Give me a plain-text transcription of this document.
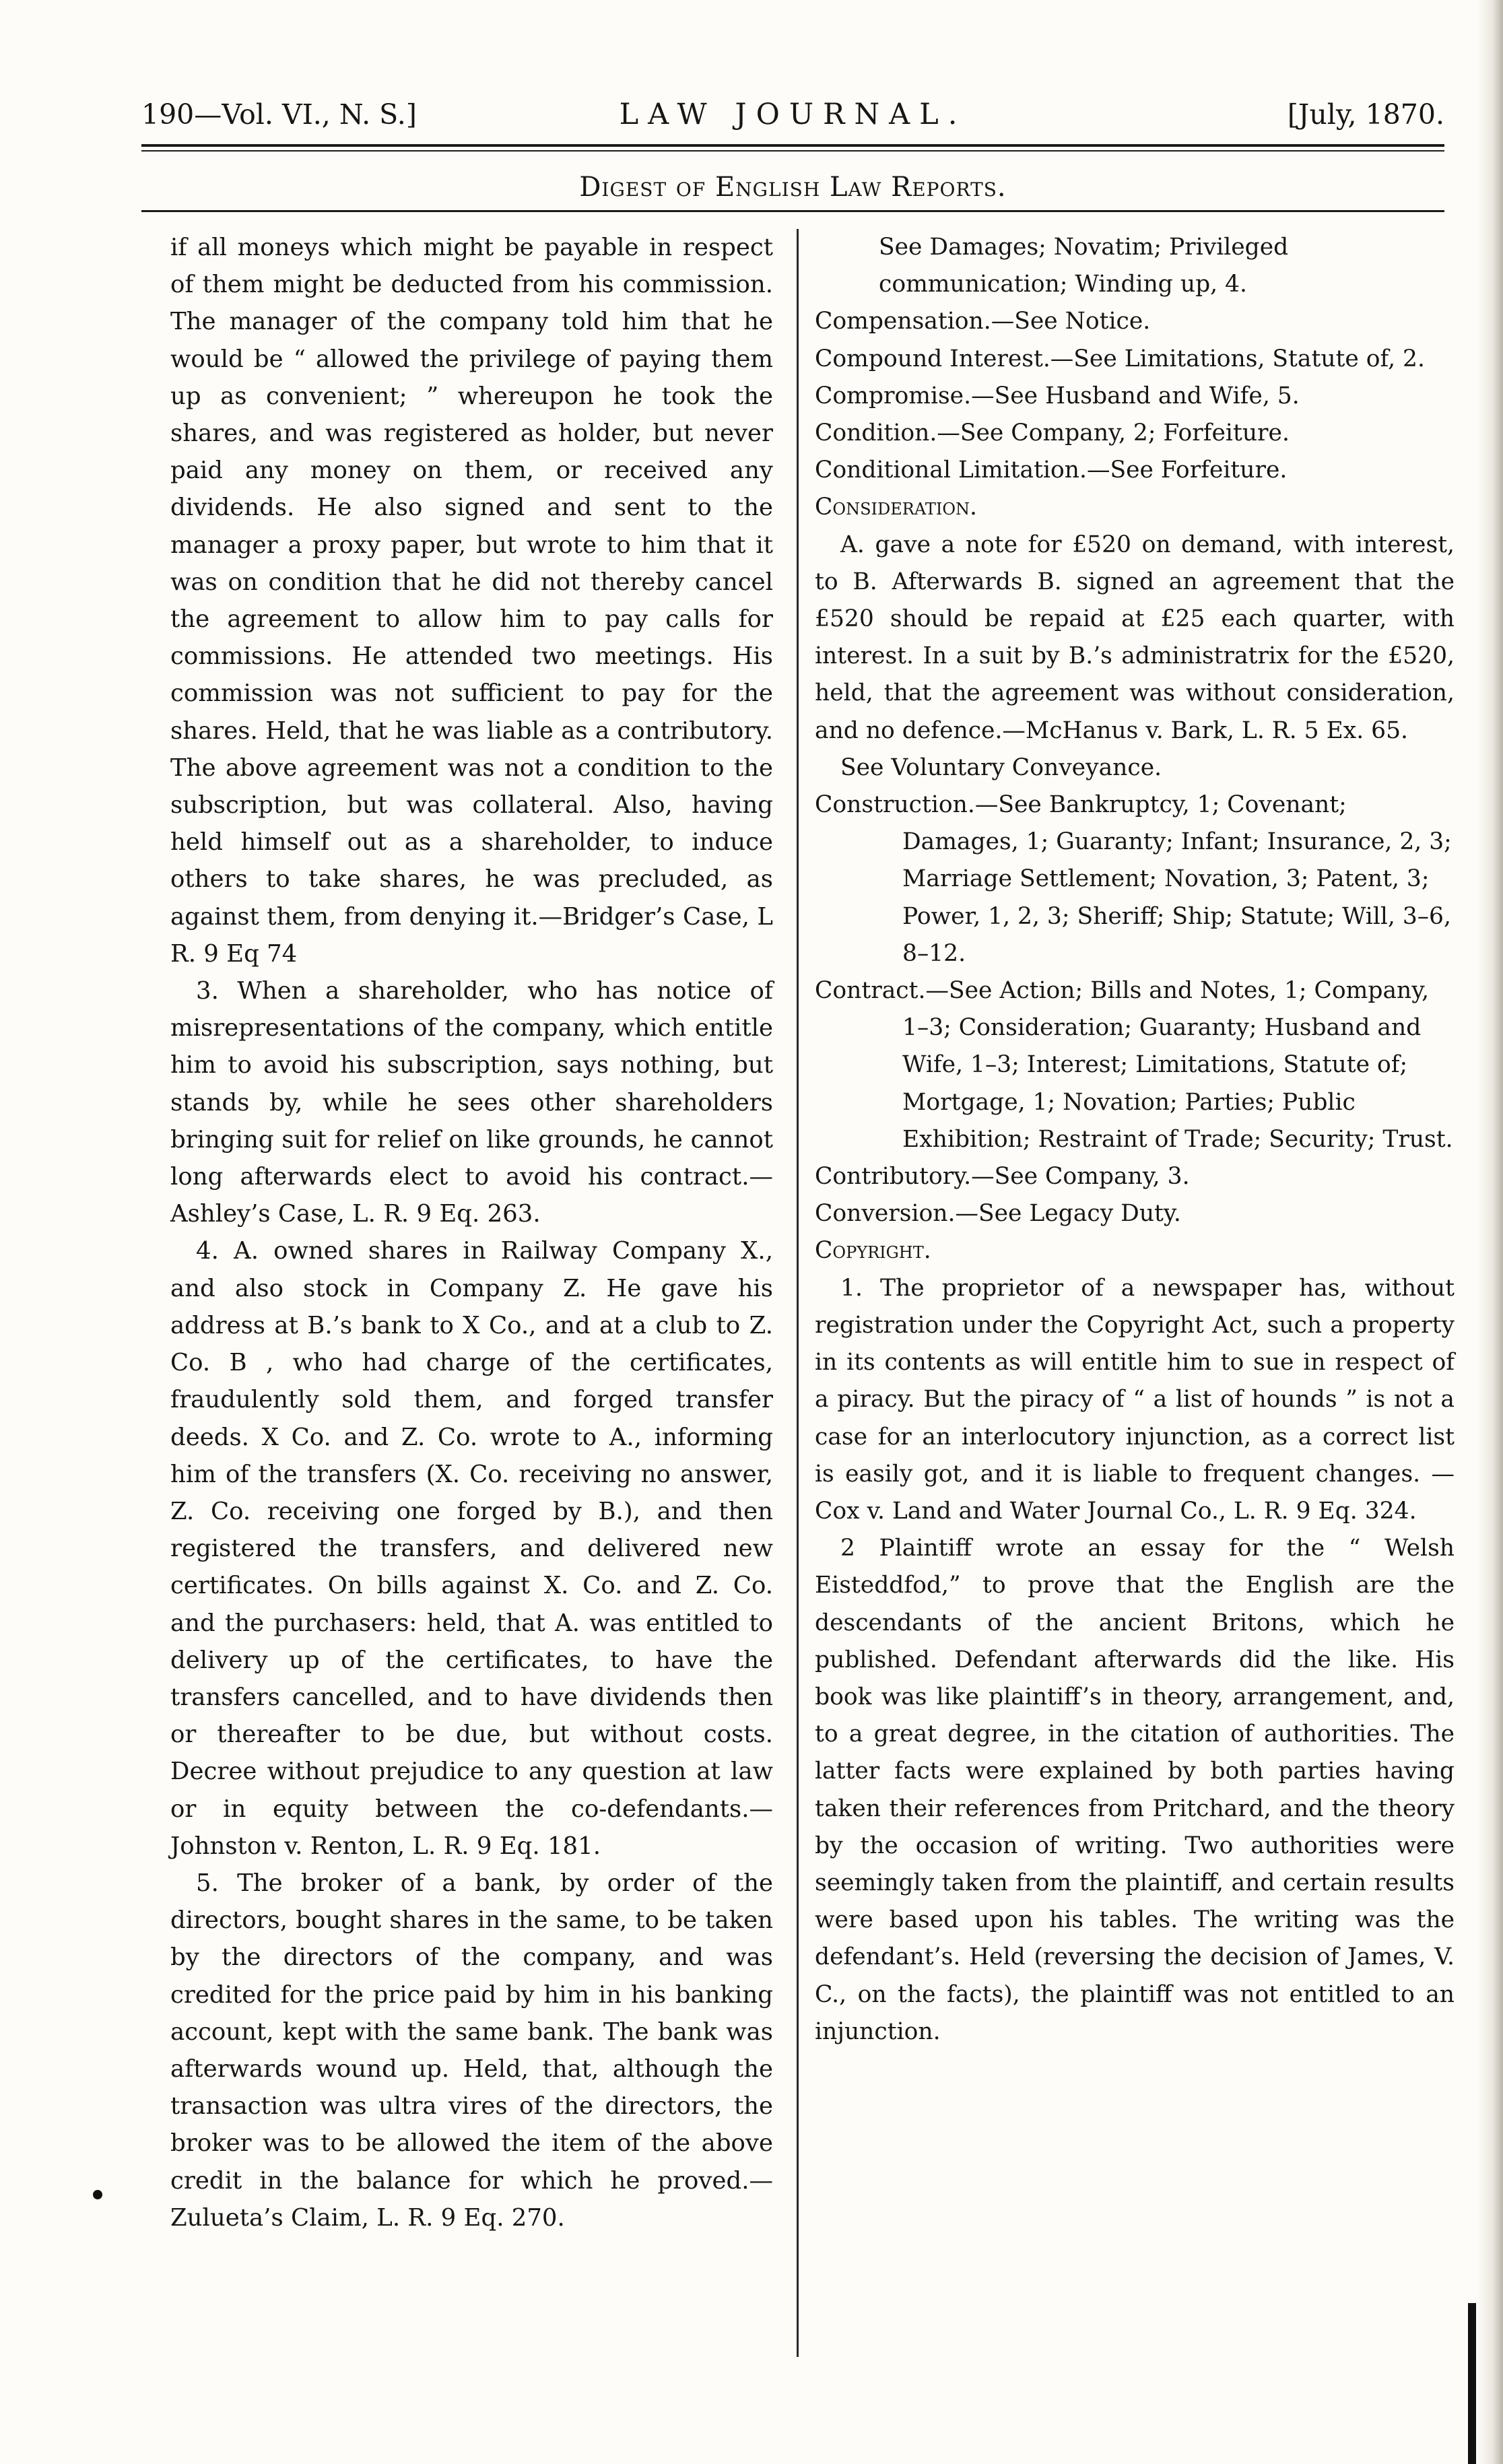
190—Vol. VI., N. S.]	LAW JOURNAL.	[July, 1870.
Digest of English Law Reports.

if all moneys which might be payable in respect of them might be deducted from his commission. The manager of the company told him that he would be “ allowed the privilege of paying them up as convenient; ” whereupon he took the shares, and was registered as holder, but never paid any money on them, or received any dividends. He also signed and sent to the manager a proxy paper, but wrote to him that it was on condition that he did not thereby cancel the agreement to allow him to pay calls for commissions. He attended two meetings. His commission was not sufficient to pay for the shares. Held, that he was liable as a contributory. The above agreement was not a condition to the subscription, but was collateral. Also, having held himself out as a shareholder, to induce others to take shares, he was precluded, as against them, from denying it.—Bridger’s Case, L R. 9 Eq 74

3. When a shareholder, who has notice of misrepresentations of the company, which entitle him to avoid his subscription, says nothing, but stands by, while he sees other shareholders bringing suit for relief on like grounds, he cannot long afterwards elect to avoid his contract.—Ashley’s Case, L. R. 9 Eq. 263.

4. A. owned shares in Railway Company X., and also stock in Company Z. He gave his address at B.’s bank to X Co., and at a club to Z. Co. B , who had charge of the certificates, fraudulently sold them, and forged transfer deeds. X Co. and Z. Co. wrote to A., informing him of the transfers (X. Co. receiving no answer, Z. Co. receiving one forged by B.), and then registered the transfers, and delivered new certificates. On bills against X. Co. and Z. Co. and the purchasers: held, that A. was entitled to delivery up of the certificates, to have the transfers cancelled, and to have dividends then or thereafter to be due, but without costs. Decree without prejudice to any question at law or in equity between the co-defendants.—Johnston v. Renton, L. R. 9 Eq. 181.

5. The broker of a bank, by order of the directors, bought shares in the same, to be taken by the directors of the company, and was credited for the price paid by him in his banking account, kept with the same bank. The bank was afterwards wound up. Held, that, although the transaction was ultra vires of the directors, the broker was to be allowed the item of the above credit in the balance for which he proved.—Zulueta’s Claim, L. R. 9 Eq. 270.

See Damages; Novatim; Privileged communication; Winding up, 4.

Compensation.—See Notice.

Compound Interest.—See Limitations, Statute of, 2.

Compromise.—See Husband and Wife, 5.

Condition.—See Company, 2; Forfeiture.

Conditional Limitation.—See Forfeiture.

Consideration.

A. gave a note for £520 on demand, with interest, to B. Afterwards B. signed an agreement that the £520 should be repaid at £25 each quarter, with interest. In a suit by B.’s administratrix for the £520, held, that the agreement was without consideration, and no defence.—McHanus v. Bark, L. R. 5 Ex. 65.

See Voluntary Conveyance.

Construction.—See Bankruptcy, 1; Covenant; Damages, 1; Guaranty; Infant; Insurance, 2, 3; Marriage Settlement; Novation, 3; Patent, 3; Power, 1, 2, 3; Sheriff; Ship; Statute; Will, 3–6, 8–12.

Contract.—See Action; Bills and Notes, 1; Company, 1–3; Consideration; Guaranty; Husband and Wife, 1–3; Interest; Limitations, Statute of; Mortgage, 1; Novation; Parties; Public Exhibition; Restraint of Trade; Security; Trust.

Contributory.—See Company, 3.

Conversion.—See Legacy Duty.

Copyright.

1. The proprietor of a newspaper has, without registration under the Copyright Act, such a property in its contents as will entitle him to sue in respect of a piracy. But the piracy of “ a list of hounds ” is not a case for an interlocutory injunction, as a correct list is easily got, and it is liable to frequent changes. —Cox v. Land and Water Journal Co., L. R. 9 Eq. 324.

2 Plaintiff wrote an essay for the “ Welsh Eisteddfod,” to prove that the English are the descendants of the ancient Britons, which he published. Defendant afterwards did the like. His book was like plaintiff’s in theory, arrangement, and, to a great degree, in the citation of authorities. The latter facts were explained by both parties having taken their references from Pritchard, and the theory by the occasion of writing. Two authorities were seemingly taken from the plaintiff, and certain results were based upon his tables. The writing was the defendant’s. Held (reversing the decision of James, V. C., on the facts), the plaintiff was not entitled to an injunction.
